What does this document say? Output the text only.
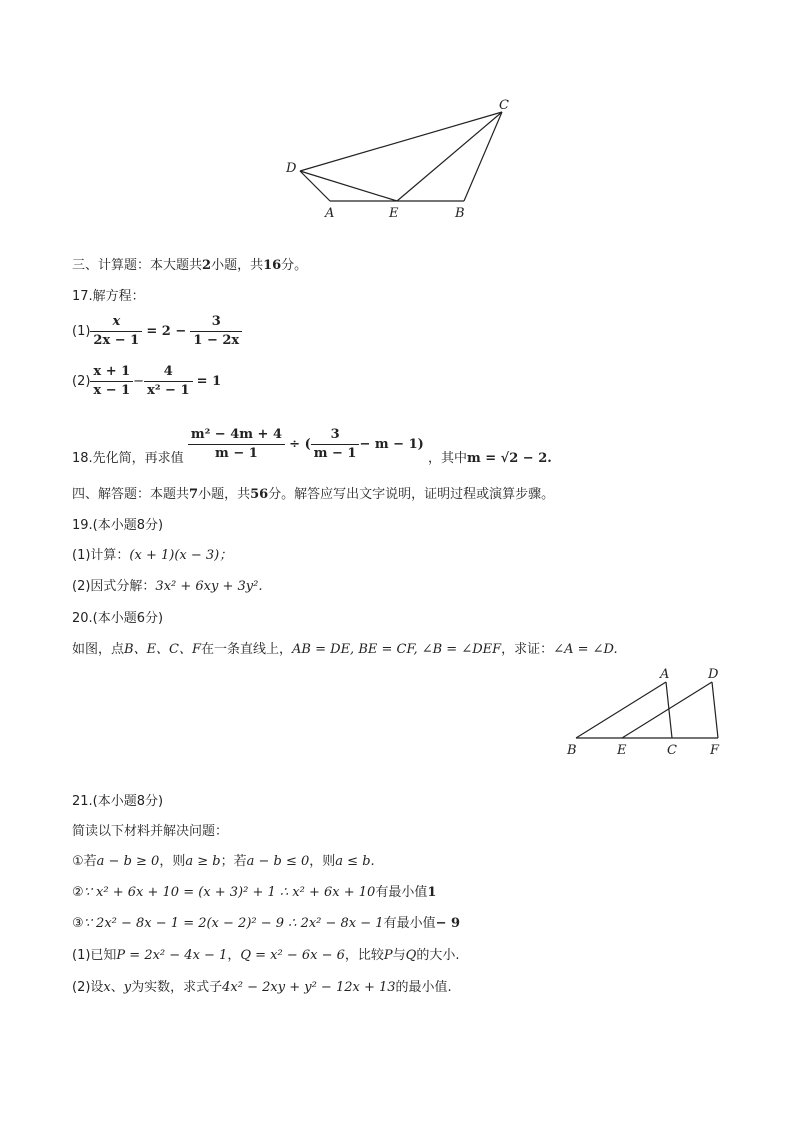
C
D
A	E	B
三、计算题：本大题共2小题，共16分。
17.解方程：
$(1) \frac{x}{2x - 1} = 2 - \frac{3}{1 - 2x}$
$(2) \frac{x + 1}{x - 1} - \frac{4}{\text{x² − 1}} = 1$
18.先化简，再求值 $\frac{\text{m² − 4m + 4}}{m - 1}$ ÷ ( $\frac{3}{m - 1} - m - 1$) ，其中m = √2 − 2.
四、解答题：本题共7小题，共56分。解答应写出文字说明，证明过程或演算步骤。
19.(本小题8分)
(1)计算：(x + 1)(x − 3)；
(2)因式分解：3x² + 6xy + 3y².
20.(本小题6分)
如图，点B、E、C、F在一条直线上，AB = DE, BE = CF, ∠B = ∠DEF，求证：∠A = ∠D.
A	D
B	E	C	F
21.(本小题8分)
简读以下材料并解决问题：
①若a − b ≥ 0，则a ≥ b；若a − b ≤ 0，则a ≤ b.
②∵ x² + 6x + 10 = (x + 3)² + 1 ∴ x² + 6x + 10有最小值1
③∵ 2x² − 8x − 1 = 2(x − 2)² − 9 ∴ 2x² − 8x − 1有最小值− 9
(1)已知P = 2x² − 4x − 1，Q = x² − 6x − 6，比较P与Q的大小.
(2)设x、y为实数，求式子4x² − 2xy + y² − 12x + 13的最小值.
